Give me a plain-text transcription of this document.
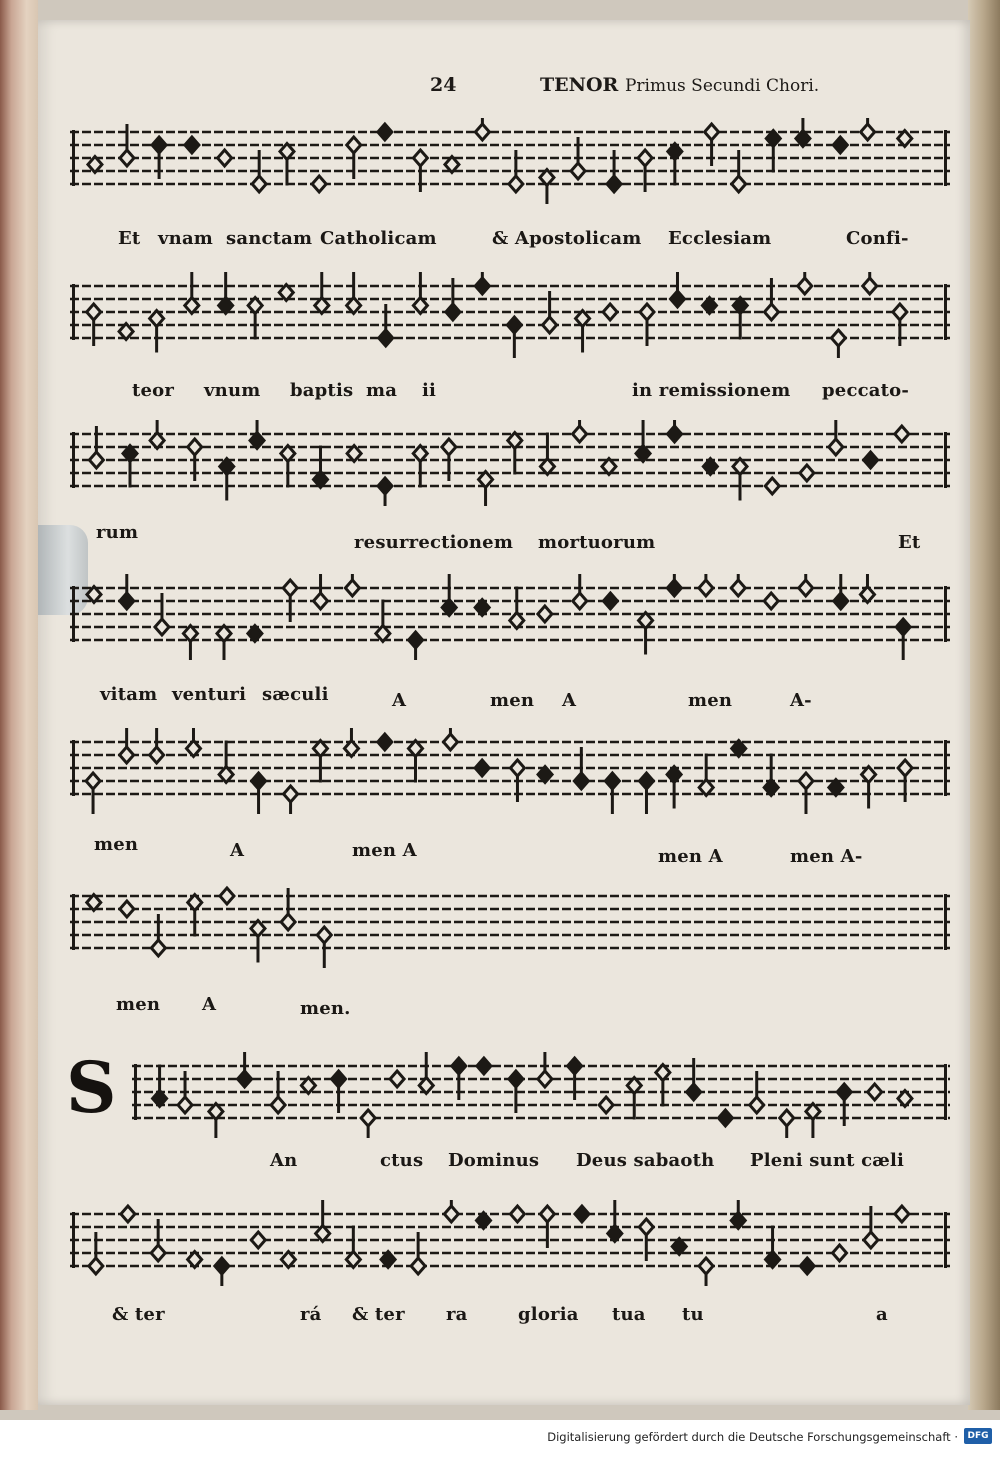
24	TENOR Primus Secundi Chori.
S
Et vnam sanctam Catholicam	& Apostolicam Ecclesiam	Confi-
teor vnum baptis ma ii	in remissionem peccato-
rum	resurrectionem mortuorum	Et
vitam venturi sæculi	A	men A	men	A-
men	A	men A	men A	men A-
men A	men.
An	ctus Dominus Deus sabaoth Pleni sunt cæli
& ter	rá & ter ra	gloria tua tu	a
Digitalisierung gefördert durch die Deutsche Forschungsgemeinschaft ·	DFG
